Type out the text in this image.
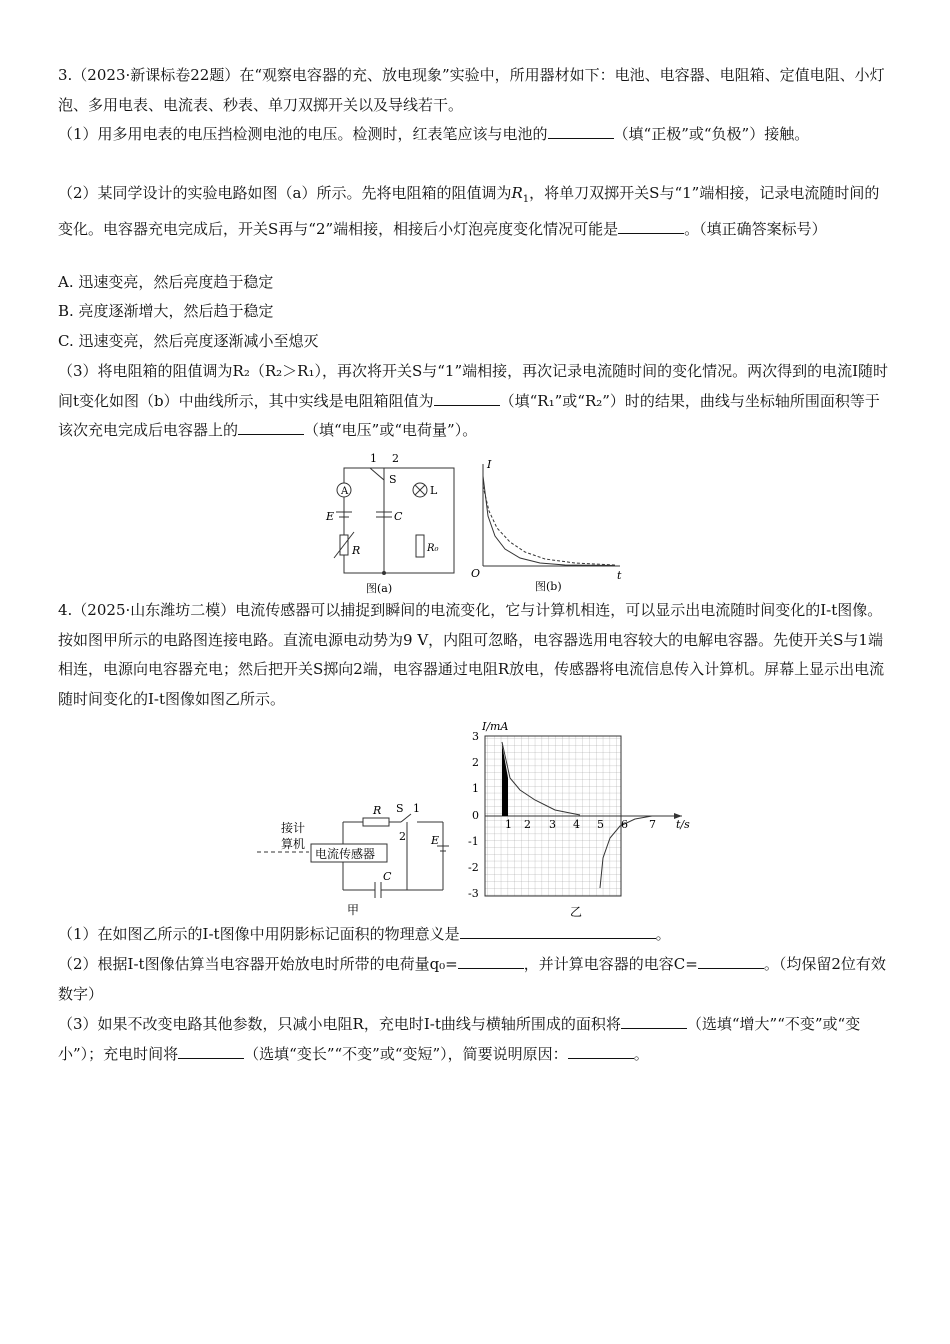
3.（2023·新课标卷22题）在“观察电容器的充、放电现象”实验中，所用器材如下：电池、电容器、电阻箱、定值电阻、小灯泡、多用电表、电流表、秒表、单刀双掷开关以及导线若干。
（1）用多用电表的电压挡检测电池的电压。检测时，红表笔应该与电池的	（填“正极”或“负极”）接触。
（2）某同学设计的实验电路如图（a）所示。先将电阻箱的阻值调为$R_1$，将单刀双掷开关S与“1”端相接，记录电流随时间的变化。电容器充电完成后，开关S再与“2”端相接，相接后小灯泡亮度变化情况可能是	。（填正确答案标号）
A. 迅速变亮，然后亮度趋于稳定
B. 亮度逐渐增大，然后趋于稳定
C. 迅速变亮，然后亮度逐渐减小至熄灭
（3）将电阻箱的阻值调为R₂（R₂＞R₁），再次将开关S与“1”端相接，再次记录电流随时间的变化情况。两次得到的电流I随时间t变化如图（b）中曲线所示，其中实线是电阻箱阻值为	（填“R₁”或“R₂”）时的结果，曲线与坐标轴所围面积等于该次充电完成后电容器上的	（填“电压”或“电荷量”）。
A
1 2
S
L
E	C
R	R₀
图(a)
I
O	t
图(b)
4.（2025·山东潍坊二模）电流传感器可以捕捉到瞬间的电流变化，它与计算机相连，可以显示出电流随时间变化的I-t图像。按如图甲所示的电路图连接电路。直流电源电动势为9 V，内阻可忽略，电容器选用电容较大的电解电容器。先使开关S与1端相连，电源向电容器充电；然后把开关S掷向2端，电容器通过电阻R放电，传感器将电流信息传入计算机。屏幕上显示出电流随时间变化的I-t图像如图乙所示。
接计
算机
电流传感器
R S 1
2 E
C
甲
3
2
1
0
-1
-2
-3
1 2 3 4 5 6 7
I/mA
t/s
乙
（1）在如图乙所示的I-t图像中用阴影标记面积的物理意义是	。
（2）根据I-t图像估算当电容器开始放电时所带的电荷量q₀=	，并计算电容器的电容C=	。（均保留2位有效数字）
（3）如果不改变电路其他参数，只减小电阻R，充电时I-t曲线与横轴所围成的面积将	（选填“增大”“不变”或“变小”）；充电时间将	（选填“变长”“不变”或“变短”），简要说明原因：	。
